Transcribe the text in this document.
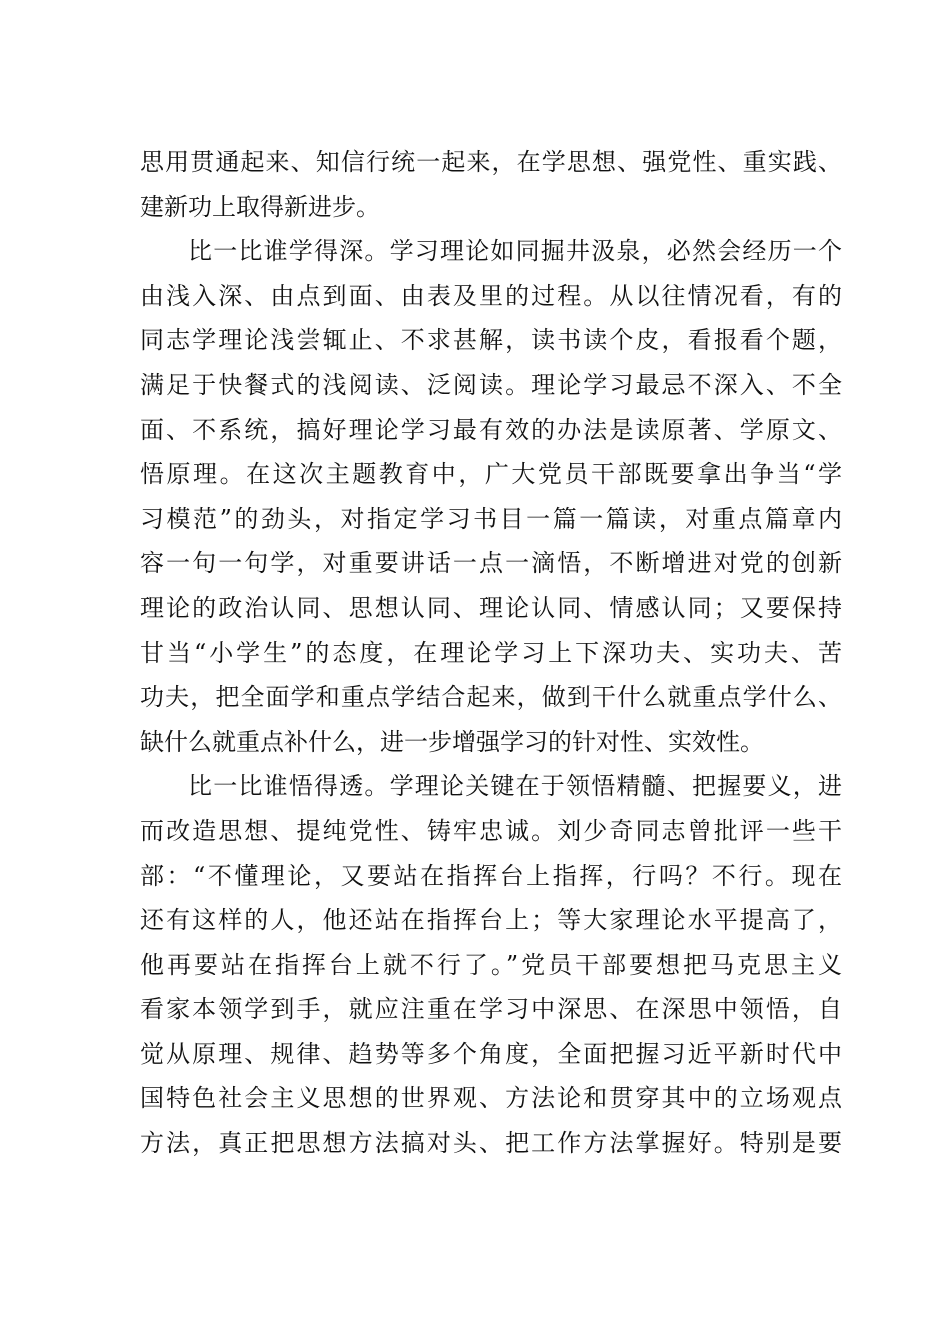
思用贯通起来、知信行统一起来，在学思想、强党性、重实践、
建新功上取得新进步。
比一比谁学得深。学习理论如同掘井汲泉，必然会经历一个
由浅入深、由点到面、由表及里的过程。从以往情况看，有的
同志学理论浅尝辄止、不求甚解，读书读个皮，看报看个题，
满足于快餐式的浅阅读、泛阅读。理论学习最忌不深入、不全
面、不系统，搞好理论学习最有效的办法是读原著、学原文、
悟原理。在这次主题教育中，广大党员干部既要拿出争当“学
习模范”的劲头，对指定学习书目一篇一篇读，对重点篇章内
容一句一句学，对重要讲话一点一滴悟，不断增进对党的创新
理论的政治认同、思想认同、理论认同、情感认同；又要保持
甘当“小学生”的态度，在理论学习上下深功夫、实功夫、苦
功夫，把全面学和重点学结合起来，做到干什么就重点学什么、
缺什么就重点补什么，进一步增强学习的针对性、实效性。
比一比谁悟得透。学理论关键在于领悟精髓、把握要义，进
而改造思想、提纯党性、铸牢忠诚。刘少奇同志曾批评一些干
部：“不懂理论，又要站在指挥台上指挥，行吗？不行。现在
还有这样的人，他还站在指挥台上；等大家理论水平提高了，
他再要站在指挥台上就不行了。”党员干部要想把马克思主义
看家本领学到手，就应注重在学习中深思、在深思中领悟，自
觉从原理、规律、趋势等多个角度，全面把握习近平新时代中
国特色社会主义思想的世界观、方法论和贯穿其中的立场观点
方法，真正把思想方法搞对头、把工作方法掌握好。特别是要
